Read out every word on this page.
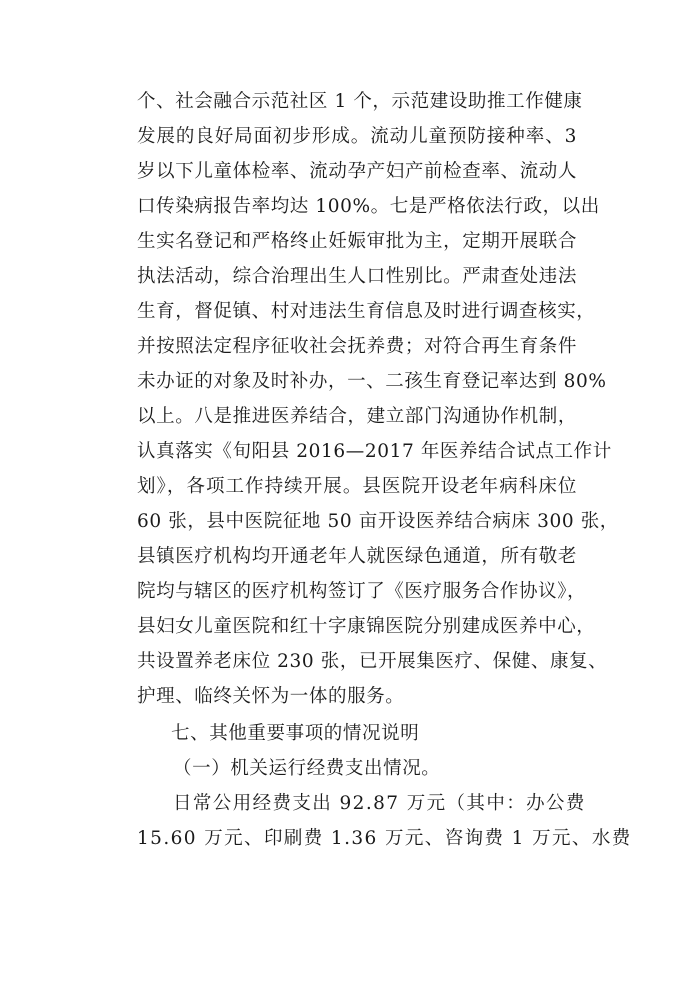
个、社会融合示范社区 1 个，示范建设助推工作健康
发展的良好局面初步形成。流动儿童预防接种率、3
岁以下儿童体检率、流动孕产妇产前检查率、流动人
口传染病报告率均达 100%。七是严格依法行政，以出
生实名登记和严格终止妊娠审批为主，定期开展联合
执法活动，综合治理出生人口性别比。严肃查处违法
生育，督促镇、村对违法生育信息及时进行调查核实，
并按照法定程序征收社会抚养费；对符合再生育条件
未办证的对象及时补办，一、二孩生育登记率达到 80%
以上。八是推进医养结合，建立部门沟通协作机制，
认真落实《旬阳县 2016—2017 年医养结合试点工作计
划》，各项工作持续开展。县医院开设老年病科床位
60 张，县中医院征地 50 亩开设医养结合病床 300 张，
县镇医疗机构均开通老年人就医绿色通道，所有敬老
院均与辖区的医疗机构签订了《医疗服务合作协议》，
县妇女儿童医院和红十字康锦医院分别建成医养中心，
共设置养老床位 230 张，已开展集医疗、保健、康复、
护理、临终关怀为一体的服务。
七、其他重要事项的情况说明
（一）机关运行经费支出情况。
日常公用经费支出 92.87 万元（其中：办公费
15.60 万元、印刷费 1.36 万元、咨询费 1 万元、水费
